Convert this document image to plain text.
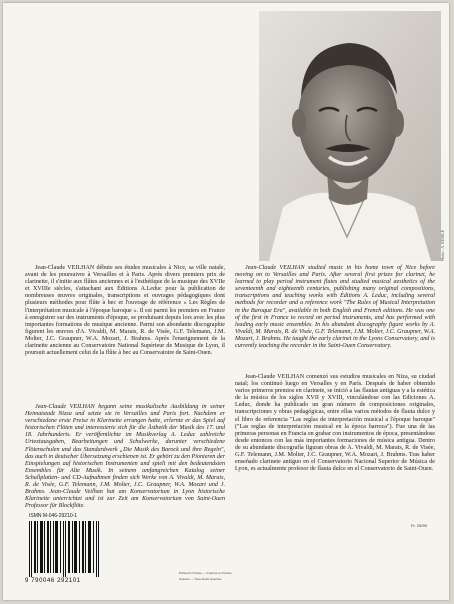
Photo : A. REBILÉ

Jean-Claude VEILHAN débute ses études musicales à Nice, sa ville natale, avant de les poursuivre à Versailles et à Paris. Après divers premiers prix de clarinette, il s'initie aux flûtes anciennes et à l'esthétique de la musique des XVIIe et XVIIIe siècles, s'attachant aux Éditions A.Leduc pour la publication de nombreuses œuvres originales, transcriptions et ouvrages pédagogiques dont plusieurs méthodes pour flûte à bec et l'ouvrage de référence « Les Règles de l'interprétation musicale à l'époque baroque ». Il est parmi les premiers en France à enregistrer sur des instruments d'époque, se produisant depuis lors avec les plus importantes formations de musique ancienne. Parmi son abondante discographie figurent les œuvres d'A. Vivaldi, M. Marais, R. de Visée, G.F. Telemann, J.M. Molter, J.C. Graupner, W.A. Mozart, J. Brahms. Après l'enseignement de la clarinette ancienne au Conservatoire National Supérieur de Musique de Lyon, il poursuit actuellement celui de la flûte à bec au Conservatoire de Saint-Ouen.

Jean-Claude VEILHAN begann seine musikalische Ausbildung in seiner Heimatstadt Nizza und setzte sie in Versailles und Paris fort. Nachdem er verschiedene erste Preise in Klarinette errungen hatte, erlernte er das Spiel auf historischen Flöten und interessierte sich für die Ästhetik der Musik des 17. und 18. Jahrhunderts. Er veröffentlichte im Musikverlag A. Leduc zahlreiche Urtextausgaben, Bearbeitungen und Schulwerke, darunter verschiedene Flötenschulen und das Standardwerk „Die Musik des Barock und ihre Regeln", das auch in deutscher Übersetzung erschienen ist. Er gehört zu den Pionieren der Einspielungen auf historischen Instrumenten und spielt mit den bedeutendsten Ensembles für Alte Musik. In seinem umfangreichen Katalog seiner Schallplatten- und CD-Aufnahmen finden sich Werke von A. Vivaldi, M. Marais, R. de Visée, G.F. Telemann, J.M. Molter, J.C. Graupner, W.A. Mozart und J. Brahms. Jean-Claude Veilhan hat am Konservatorium in Lyon historische Klarinette unterrichtet und ist zur Zeit am Konservatorium von Saint-Ouen Professor für Blockflöte.

Jean-Claude VEILHAN studied music in his home town of Nice before moving on to Versailles and Paris. After several first prizes for clarinet, he learned to play period instrument flutes and studied musical aesthetics of the seventeenth and eighteenth centuries, publishing many original compositions, transcriptions and teaching works with Éditions A. Leduc, including several methods for recorder and a reference work "The Rules of Musical Interpretation in the Baroque Era", available in both English and French editions. He was one of the first in France to record on period instruments, and has performed with leading early music ensembles. In his abundant discography figure works by A. Vivaldi, M. Marais, R. de Visée, G.F. Telemann, J.M. Molter, J.C. Graupner, W.A. Mozart, J. Brahms. He taught the early clarinet in the Lyons Conservatory, and is currently teaching the recorder in the Saint-Ouen Conservatory.

Jean-Claude VEILHAN comenzó sus estudios musicales en Niza, su ciudad natal; los continuó luego en Versalles y en París. Después de haber obtenido varios primeros premios en clarinete, se inició a las flautas antiguas y a la estética de la música de los siglos XVII y XVIII, vinculándose con las Ediciones A. Leduc, donde ha publicado un gran número de composiciones originales, transcripciones y obras pedagógicas, entre ellas varios métodos de flauta dulce y el libro de referencia "Las reglas de interpretación musical a l'époque baroque" ("Las reglas de interpretación musical en la época barroca"). Fue una de las primeras personas en Francia en grabar con instrumentos de época, presentándose desde entonces con las más importantes formaciones de música antigua. Dentro de su abundante discografía figuran obras de A. Vivaldi, M. Marais, R. de Visée, G.F. Telemann, J.M. Molter, J.C. Graupner, W.A. Mozart, J. Brahms. Tras haber enseñado clarinete antiguo en el Conservatorio Nacional Superior de Música de Lyon, es actualmente profesor de flauta dulce en el Conservatorio de Saint-Ouen.

ISMN M-046-29210-1
9 790046 292101
Printed in France — Imprimé en France
Gravure — Tous droits réservés
Fr. 20/99
